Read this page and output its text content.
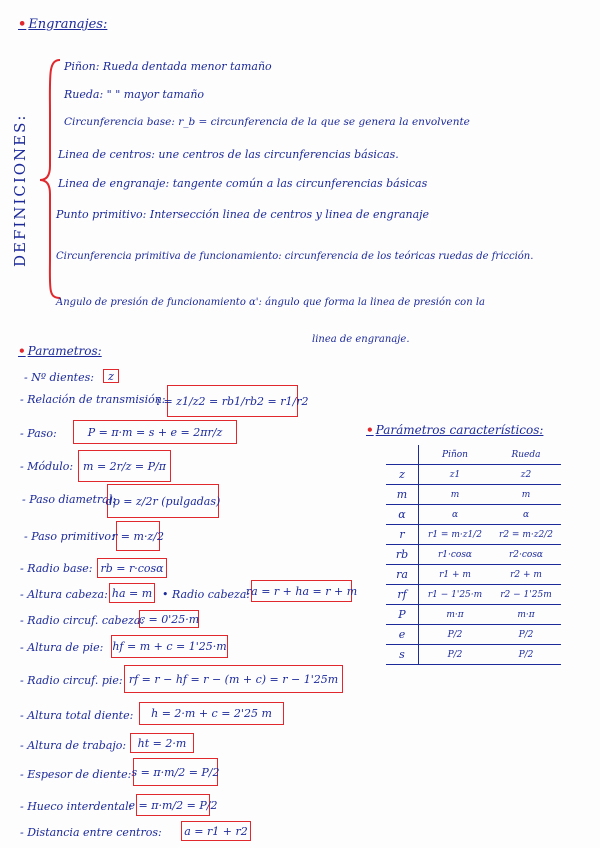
• Engranajes:
DEFINICIONES:
Piñon: Rueda dentada menor tamaño
Rueda: " " mayor tamaño
Circunferencia base: r_b = circunferencia de la que se genera la envolvente
Linea de centros: une centros de las circunferencias básicas.
Linea de engranaje: tangente común a las circunferencias básicas
Punto primitivo: Intersección linea de centros y linea de engranaje
Circunferencia primitiva de funcionamiento: circunferencia de los teóricas ruedas de fricción.
Angulo de presión de funcionamiento α': ángulo que forma la linea de presión con la
linea de engranaje.
• Parametros:
- Nº dientes:	z
- Relación de transmisión:
i = z1/z2 = rb1/rb2 = r1/r2
- Paso:	P = π·m = s + e = 2πr/z
- Módulo: m = 2r/z = P/π
- Paso diametral:
dp = z/2r (pulgadas)
- Paso primitivo:
r = m·z/2
- Radio base: rb = r·cosα
- Altura cabeza: ha = m • Radio cabeza:
ra = r + ha = r + m
- Radio circuf. cabeza:
c = 0'25·m
- Altura de pie: hf = m + c = 1'25·m
- Radio circuf. pie: rf = r − hf = r − (m + c) = r − 1'25m
- Altura total diente:	h = 2·m + c = 2'25 m
- Altura de trabajo:	ht = 2·m
- Espesor de diente: s = π·m/2 = P/2
- Hueco interdental:
e = π·m/2 = P/2
- Distancia entre centros: a = r1 + r2
• Parámetros característicos:
	Piñon	Rueda
z	z1	z2
m	m	m
α	α	α
r	r1 = m·z1/2	r2 = m·z2/2
rb	r1·cosα	r2·cosα
ra	r1 + m	r2 + m
rf	r1 − 1'25·m	r2 − 1'25m
P	m·π	m·π
e	P/2	P/2
s	P/2	P/2
